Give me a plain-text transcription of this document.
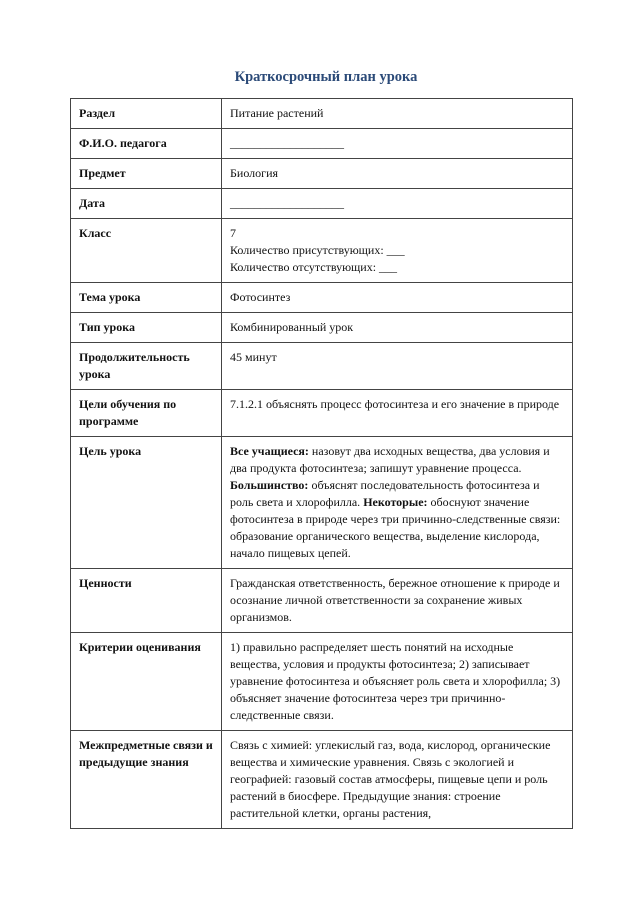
Краткосрочный план урока
Раздел	Питание растений

Ф.И.О. педагога	___________________

Предмет	Биология

Дата	___________________

Класс	7
Количество присутствующих: ___
Количество отсутствующих: ___

Тема урока	Фотосинтез

Тип урока	Комбинированный урок

Продолжительность урока	45 минут

Цели обучения по программе	7.1.2.1 объяснять процесс фотосинтеза и его значение в природе

Цель урока	Все учащиеся: назовут два исходных вещества, два условия и два продукта фотосинтеза; запишут уравнение процесса. Большинство: объяснят последовательность фотосинтеза и роль света и хлорофилла. Некоторые: обоснуют значение фотосинтеза в природе через три причинно-следственные связи: образование органического вещества, выделение кислорода, начало пищевых цепей.
Ценности	Гражданская ответственность, бережное отношение к природе и осознание личной ответственности за сохранение живых организмов.

Критерии оценивания	1) правильно распределяет шесть понятий на исходные вещества, условия и продукты фотосинтеза; 2) записывает уравнение фотосинтеза и объясняет роль света и хлорофилла; 3) объясняет значение фотосинтеза через три причинно-следственные связи.

Межпредметные связи и предыдущие знания	Связь с химией: углекислый газ, вода, кислород, органические вещества и химические уравнения. Связь с экологией и географией: газовый состав атмосферы, пищевые цепи и роль растений в биосфере. Предыдущие знания: строение растительной клетки, органы растения,
